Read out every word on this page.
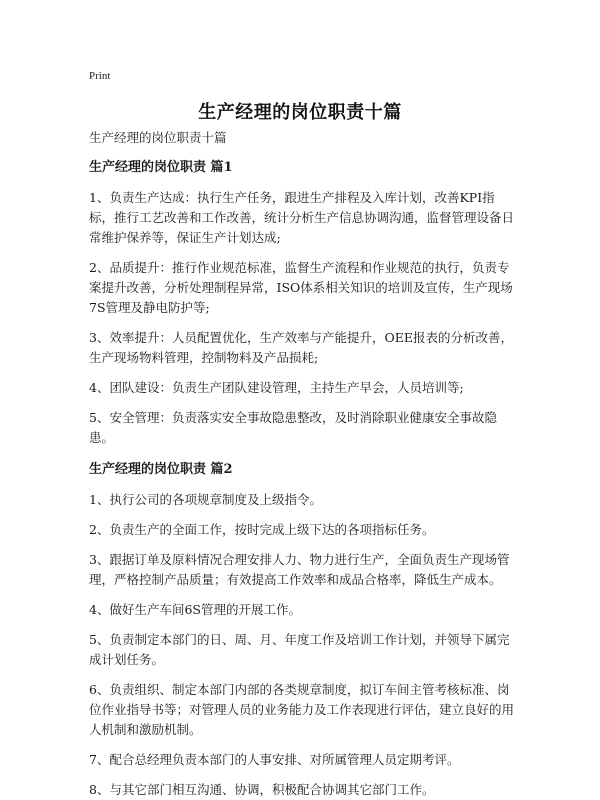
Print
生产经理的岗位职责十篇

生产经理的岗位职责十篇

生产经理的岗位职责 篇1

1、负责生产达成：执行生产任务，跟进生产排程及入库计划，改善KPI指标，推行工艺改善和工作改善，统计分析生产信息协调沟通，监督管理设备日常维护保养等，保证生产计划达成;

2、品质提升：推行作业规范标准，监督生产流程和作业规范的执行，负责专案提升改善，分析处理制程异常，ISO体系相关知识的培训及宣传，生产现场7S管理及静电防护等;

3、效率提升：人员配置优化，生产效率与产能提升，OEE报表的分析改善，生产现场物料管理，控制物料及产品损耗;

4、团队建设：负责生产团队建设管理，主持生产早会，人员培训等;

5、安全管理：负责落实安全事故隐患整改，及时消除职业健康安全事故隐患。

生产经理的岗位职责 篇2

1、执行公司的各项规章制度及上级指令。

2、负责生产的全面工作，按时完成上级下达的各项指标任务。

3、跟据订单及原料情况合理安排人力、物力进行生产，全面负责生产现场管理，严格控制产品质量；有效提高工作效率和成品合格率，降低生产成本。

4、做好生产车间6S管理的开展工作。

5、负责制定本部门的日、周、月、年度工作及培训工作计划，并领导下属完成计划任务。

6、负责组织、制定本部门内部的各类规章制度，拟订车间主管考核标准、岗位作业指导书等；对管理人员的业务能力及工作表现进行评估，建立良好的用人机制和激励机制。

7、配合总经理负责本部门的人事安排、对所属管理人员定期考评。

8、与其它部门相互沟通、协调，积极配合协调其它部门工作。
